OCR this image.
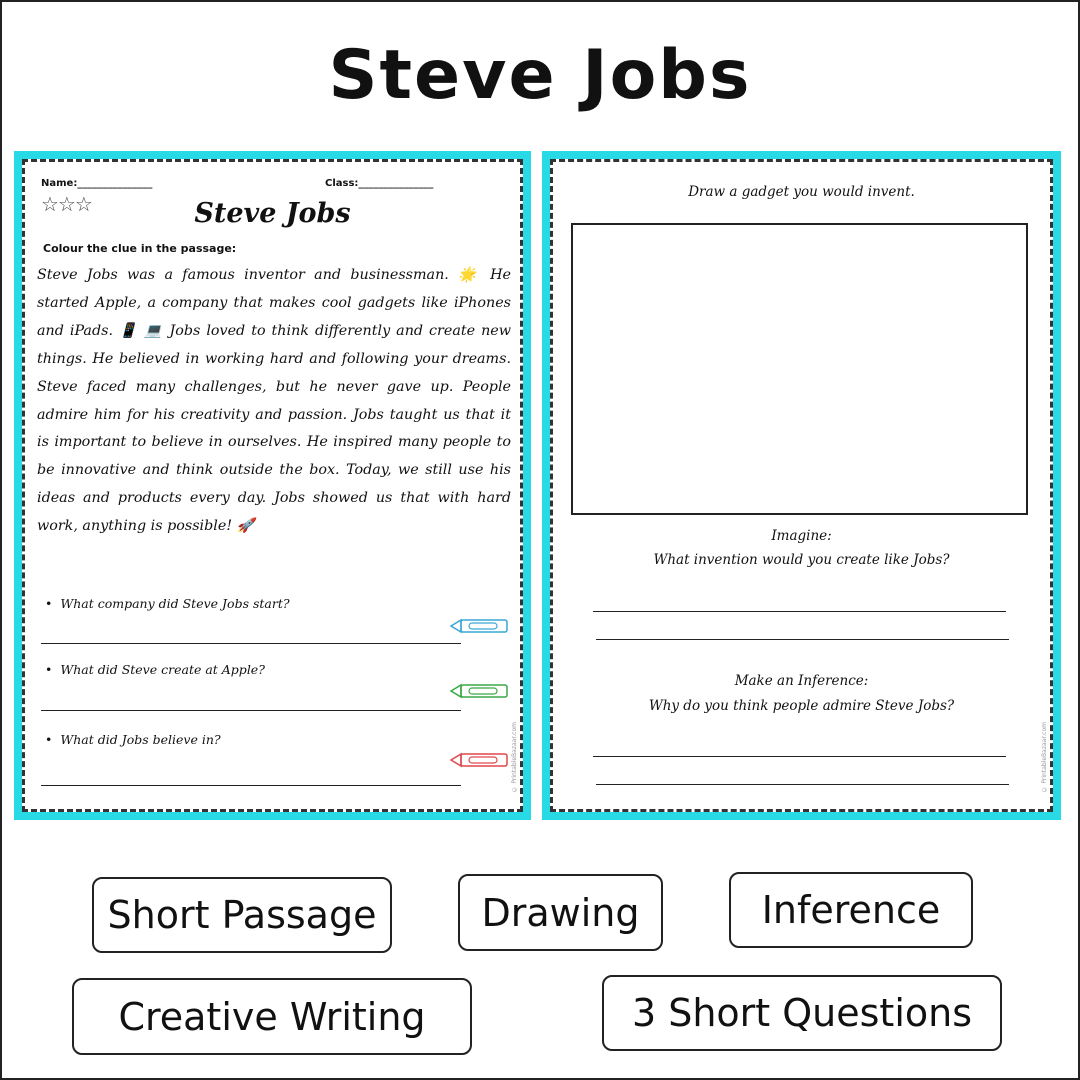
Steve Jobs
Name:_______________	Class:_______________
☆☆☆	Steve Jobs
Colour the clue in the passage:
Steve Jobs was a famous inventor and businessman. 🌟 He started Apple, a company that makes cool gadgets like iPhones and iPads. 📱 💻 Jobs loved to think differently and create new things. He believed in working hard and following your dreams. Steve faced many challenges, but he never gave up. People admire him for his creativity and passion. Jobs taught us that it is important to believe in ourselves. He inspired many people to be innovative and think outside the box. Today, we still use his ideas and products every day. Jobs showed us that with hard work, anything is possible! 🚀
• What company did Steve Jobs start?
• What did Steve create at Apple?
• What did Jobs believe in?	© PrintableBazaar.com
Draw a gadget you would invent.
Imagine:
What invention would you create like Jobs?
Make an Inference:
Why do you think people admire Steve Jobs?
© PrintableBazaar.com
Short Passage	Drawing	Inference
Creative Writing	3 Short Questions
